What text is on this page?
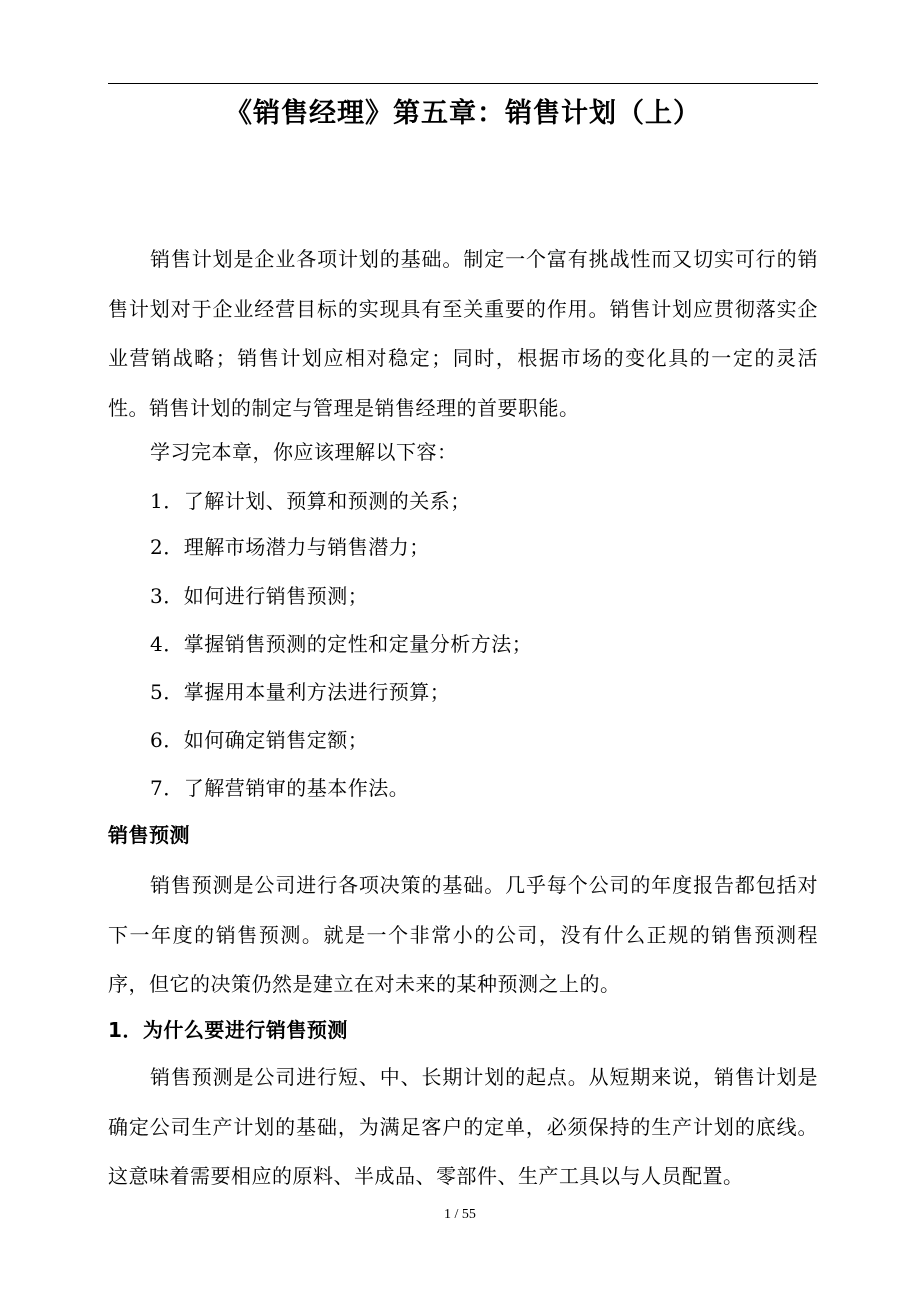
《销售经理》第五章：销售计划（上）
销售计划是企业各项计划的基础。制定一个富有挑战性而又切实可行的销售计划对于企业经营目标的实现具有至关重要的作用。销售计划应贯彻落实企业营销战略；销售计划应相对稳定；同时，根据市场的变化具的一定的灵活性。销售计划的制定与管理是销售经理的首要职能。
学习完本章，你应该理解以下容：
1．了解计划、预算和预测的关系；
2．理解市场潜力与销售潜力；
3．如何进行销售预测；
4．掌握销售预测的定性和定量分析方法；
5．掌握用本量利方法进行预算；
6．如何确定销售定额；
7．了解营销审的基本作法。
销售预测
销售预测是公司进行各项决策的基础。几乎每个公司的年度报告都包括对下一年度的销售预测。就是一个非常小的公司，没有什么正规的销售预测程序，但它的决策仍然是建立在对未来的某种预测之上的。
1．为什么要进行销售预测
销售预测是公司进行短、中、长期计划的起点。从短期来说，销售计划是确定公司生产计划的基础，为满足客户的定单，必须保持的生产计划的底线。这意味着需要相应的原料、半成品、零部件、生产工具以与人员配置。
1 / 55
